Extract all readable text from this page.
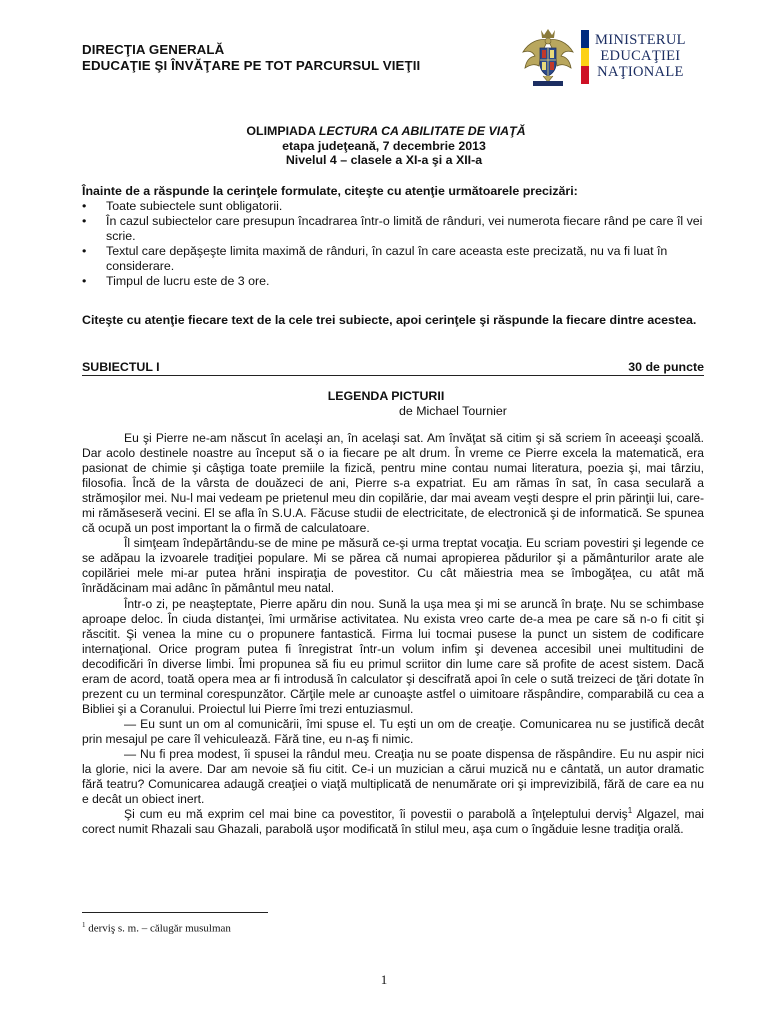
DIRECŢIA GENERALĂ
EDUCAŢIE ŞI ÎNVĂŢARE PE TOT PARCURSUL VIEŢII
MINISTERUL
EDUCAŢIEI
NAŢIONALE
OLIMPIADA LECTURA CA ABILITATE DE VIAŢĂ
etapa judeţeană, 7 decembrie 2013
Nivelul 4 – clasele a XI-a şi a XII-a
Înainte de a răspunde la cerinţele formulate, citeşte cu atenţie următoarele precizări:
•	Toate subiectele sunt obligatorii.
•	În cazul subiectelor care presupun încadrarea într-o limită de rânduri, vei numerota fiecare rând pe care îl vei scrie.
•	Textul care depăşeşte limita maximă de rânduri, în cazul în care aceasta este precizată, nu va fi luat în considerare.
•	Timpul de lucru este de 3 ore.
Citeşte cu atenţie fiecare text de la cele trei subiecte, apoi cerinţele şi răspunde la fiecare dintre acestea.
SUBIECTUL I	30 de puncte
LEGENDA PICTURII
de Michael Tournier

Eu şi Pierre ne-am născut în acelaşi an, în acelaşi sat. Am învăţat să citim şi să scriem în aceeaşi şcoală. Dar acolo destinele noastre au început să o ia fiecare pe alt drum. În vreme ce Pierre excela la matematică, era pasionat de chimie şi câştiga toate premiile la fizică, pentru mine contau numai literatura, poezia şi, mai târziu, filosofia. Încă de la vârsta de douăzeci de ani, Pierre s-a expatriat. Eu am rămas în sat, în casa seculară a strămoşilor mei. Nu-l mai vedeam pe prietenul meu din copilărie, dar mai aveam veşti despre el prin părinţii lui, care-mi rămăseseră vecini. El se afla în S.U.A. Făcuse studii de electricitate, de electronică şi de informatică. Se spunea că ocupă un post important la o firmă de calculatoare.

Îl simţeam îndepărtându-se de mine pe măsură ce-şi urma treptat vocaţia. Eu scriam povestiri şi legende ce se adăpau la izvoarele tradiţiei populare. Mi se părea că numai apropierea pădurilor şi a pământurilor arate ale copilăriei mele mi-ar putea hrăni inspiraţia de povestitor. Cu cât măiestria mea se îmbogăţea, cu atât mă înrădăcinam mai adânc în pământul meu natal.

Într-o zi, pe neaşteptate, Pierre apăru din nou. Sună la uşa mea şi mi se aruncă în braţe. Nu se schimbase aproape deloc. În ciuda distanţei, îmi urmărise activitatea. Nu exista vreo carte de-a mea pe care să n-o fi citit şi răscitit. Şi venea la mine cu o propunere fantastică. Firma lui tocmai pusese la punct un sistem de codificare internaţional. Orice program putea fi înregistrat într-un volum infim şi devenea accesibil unei multitudini de decodificări în diverse limbi. Îmi propunea să fiu eu primul scriitor din lume care să profite de acest sistem. Dacă eram de acord, toată opera mea ar fi introdusă în calculator şi descifrată apoi în cele o sută treizeci de ţări dotate în prezent cu un terminal corespunzător. Cărţile mele ar cunoaşte astfel o uimitoare răspândire, comparabilă cu cea a Bibliei şi a Coranului. Proiectul lui Pierre îmi trezi entuziasmul.

— Eu sunt un om al comunicării, îmi spuse el. Tu eşti un om de creaţie. Comunicarea nu se justifică decât prin mesajul pe care îl vehiculează. Fără tine, eu n-aş fi nimic.

— Nu fi prea modest, îi spusei la rândul meu. Creaţia nu se poate dispensa de răspândire. Eu nu aspir nici la glorie, nici la avere. Dar am nevoie să fiu citit. Ce-i un muzician a cărui muzică nu e cântată, un autor dramatic fără teatru? Comunicarea adaugă creaţiei o viaţă multiplicată de nenumărate ori şi imprevizibilă, fără de care ea nu e decât un obiect inert.

Şi cum eu mă exprim cel mai bine ca povestitor, îi povestii o parabolă a înţeleptului derviş$^1$ Algazel, mai corect numit Rhazali sau Ghazali, parabolă uşor modificată în stilul meu, aşa cum o îngăduie lesne tradiţia orală.

$^1$ derviş s. m. – călugăr musulman
1
